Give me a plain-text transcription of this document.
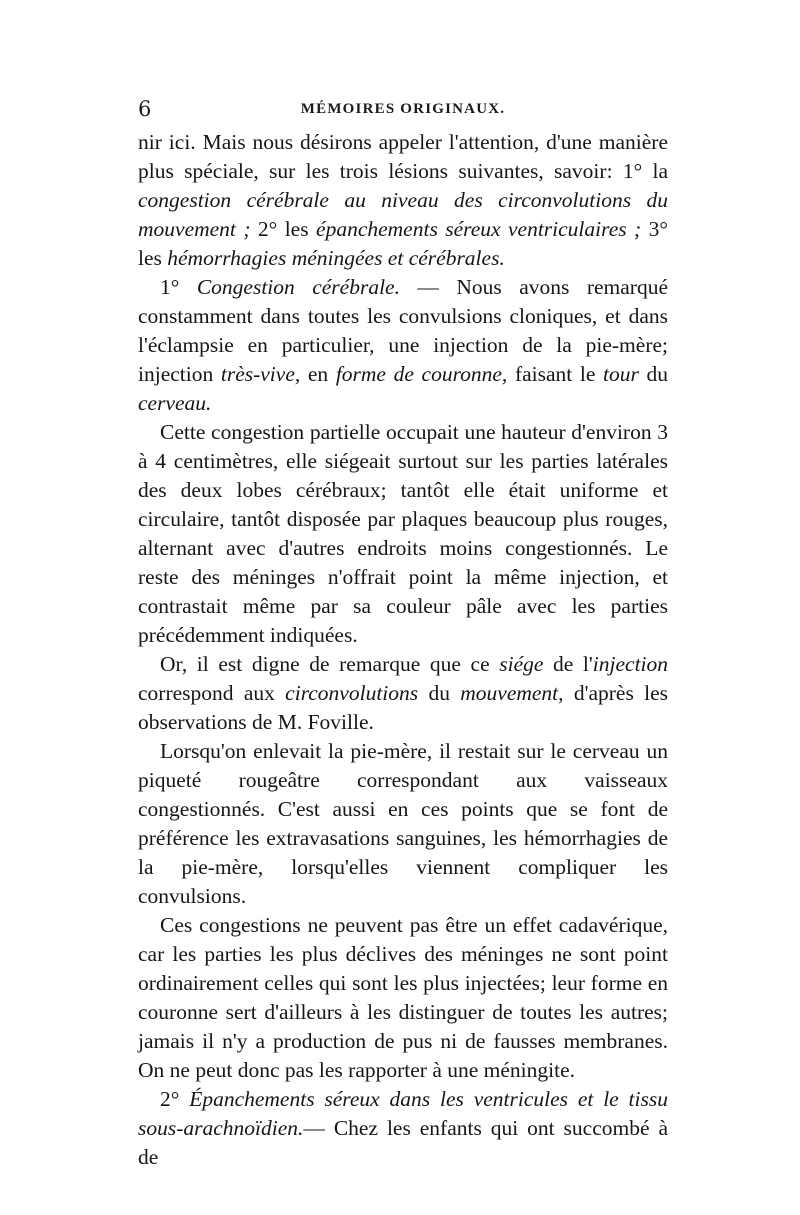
6	MÉMOIRES ORIGINAUX.

nir ici. Mais nous désirons appeler l'attention, d'une manière plus spéciale, sur les trois lésions suivantes, savoir: 1° la congestion cérébrale au niveau des circonvolutions du mouvement ; 2° les épanchements séreux ventriculaires ; 3° les hémorrhagies méningées et cérébrales.

1° Congestion cérébrale. — Nous avons remarqué constamment dans toutes les convulsions cloniques, et dans l'éclampsie en particulier, une injection de la pie-mère; injection très-vive, en forme de couronne, faisant le tour du cerveau.

Cette congestion partielle occupait une hauteur d'environ 3 à 4 centimètres, elle siégeait surtout sur les parties latérales des deux lobes cérébraux; tantôt elle était uniforme et circulaire, tantôt disposée par plaques beaucoup plus rouges, alternant avec d'autres endroits moins congestionnés. Le reste des méninges n'offrait point la même injection, et contrastait même par sa couleur pâle avec les parties précédemment indiquées.

Or, il est digne de remarque que ce siége de l'injection correspond aux circonvolutions du mouvement, d'après les observations de M. Foville.

Lorsqu'on enlevait la pie-mère, il restait sur le cerveau un piqueté rougeâtre correspondant aux vaisseaux congestionnés. C'est aussi en ces points que se font de préférence les extravasations sanguines, les hémorrhagies de la pie-mère, lorsqu'elles viennent compliquer les convulsions.

Ces congestions ne peuvent pas être un effet cadavérique, car les parties les plus déclives des méninges ne sont point ordinairement celles qui sont les plus injectées; leur forme en couronne sert d'ailleurs à les distinguer de toutes les autres; jamais il n'y a production de pus ni de fausses membranes. On ne peut donc pas les rapporter à une méningite.

2° Épanchements séreux dans les ventricules et le tissu sous-arachnoïdien.— Chez les enfants qui ont succombé à de
